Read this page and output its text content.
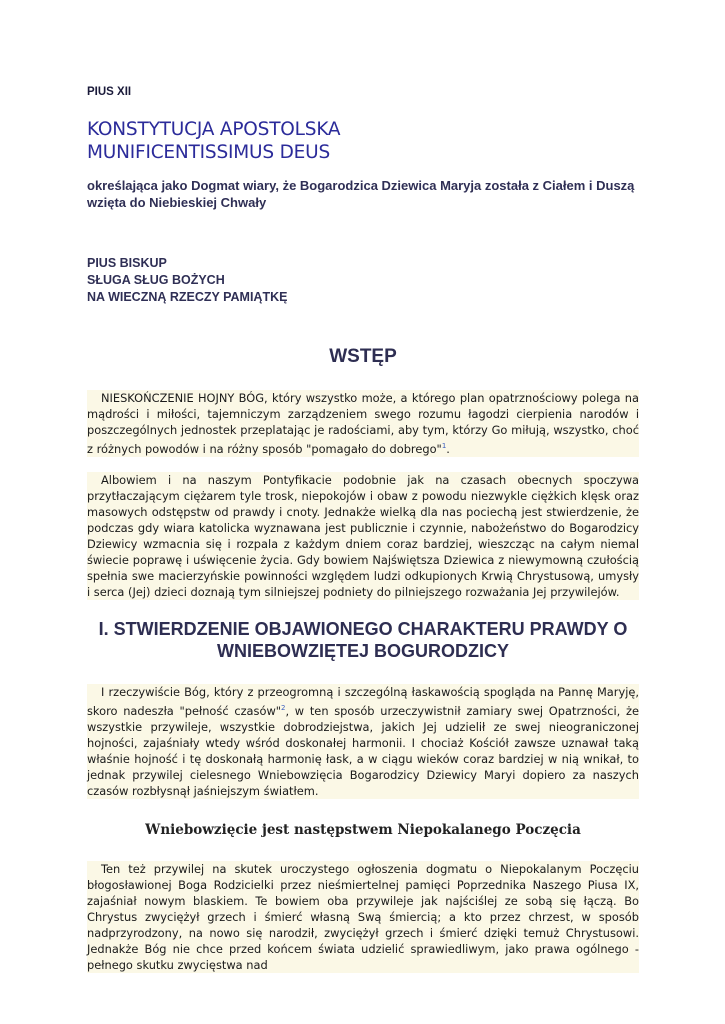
PIUS XII
KONSTYTUCJA APOSTOLSKA
MUNIFICENTISSIMUS DEUS
określająca jako Dogmat wiary, że Bogarodzica Dziewica Maryja została z Ciałem i Duszą wzięta do Niebieskiej Chwały
PIUS BISKUP
SŁUGA SŁUG BOŻYCH
NA WIECZNĄ RZECZY PAMIĄTKĘ
WSTĘP

NIESKOŃCZENIE HOJNY BÓG, który wszystko może, a którego plan opatrznościowy polega na mądrości i miłości, tajemniczym zarządzeniem swego rozumu łagodzi cierpienia narodów i poszczególnych jednostek przeplatając je radościami, aby tym, którzy Go miłują, wszystko, choć z różnych powodów i na różny sposób "pomagało do dobrego"$^1$.

Albowiem i na naszym Pontyfikacie podobnie jak na czasach obecnych spoczywa przytłaczającym ciężarem tyle trosk, niepokojów i obaw z powodu niezwykle ciężkich klęsk oraz masowych odstępstw od prawdy i cnoty. Jednakże wielką dla nas pociechą jest stwierdzenie, że podczas gdy wiara katolicka wyznawana jest publicznie i czynnie, nabożeństwo do Bogarodzicy Dziewicy wzmacnia się i rozpala z każdym dniem coraz bardziej, wieszcząc na całym niemal świecie poprawę i uświęcenie życia. Gdy bowiem Najświętsza Dziewica z niewymowną czułością spełnia swe macierzyńskie powinności względem ludzi odkupionych Krwią Chrystusową, umysły i serca (Jej) dzieci doznają tym silniejszej podniety do pilniejszego rozważania Jej przywilejów.

I. STWIERDZENIE OBJAWIONEGO CHARAKTERU PRAWDY O
WNIEBOWZIĘTEJ BOGURODZICY

I rzeczywiście Bóg, który z przeogromną i szczególną łaskawością spogląda na Pannę Maryję, skoro nadeszła "pełność czasów"$^2$, w ten sposób urzeczywistnił zamiary swej Opatrzności, że wszystkie przywileje, wszystkie dobrodziejstwa, jakich Jej udzielił ze swej nieograniczonej hojności, zajaśniały wtedy wśród doskonałej harmonii. I chociaż Kościół zawsze uznawał taką właśnie hojność i tę doskonałą harmonię łask, a w ciągu wieków coraz bardziej w nią wnikał, to jednak przywilej cielesnego Wniebowzięcia Bogarodzicy Dziewicy Maryi dopiero za naszych czasów rozbłysnął jaśniejszym światłem.

Wniebowzięcie jest następstwem Niepokalanego Poczęcia

Ten też przywilej na skutek uroczystego ogłoszenia dogmatu o Niepokalanym Poczęciu błogosławionej Boga Rodzicielki przez nieśmiertelnej pamięci Poprzednika Naszego Piusa IX, zajaśniał nowym blaskiem. Te bowiem oba przywileje jak najściślej ze sobą się łączą. Bo Chrystus zwyciężył grzech i śmierć własną Swą śmiercią; a kto przez chrzest, w sposób nadprzyrodzony, na nowo się narodził, zwyciężył grzech i śmierć dzięki temuż Chrystusowi. Jednakże Bóg nie chce przed końcem świata udzielić sprawiedliwym, jako prawa ogólnego - pełnego skutku zwycięstwa nad
